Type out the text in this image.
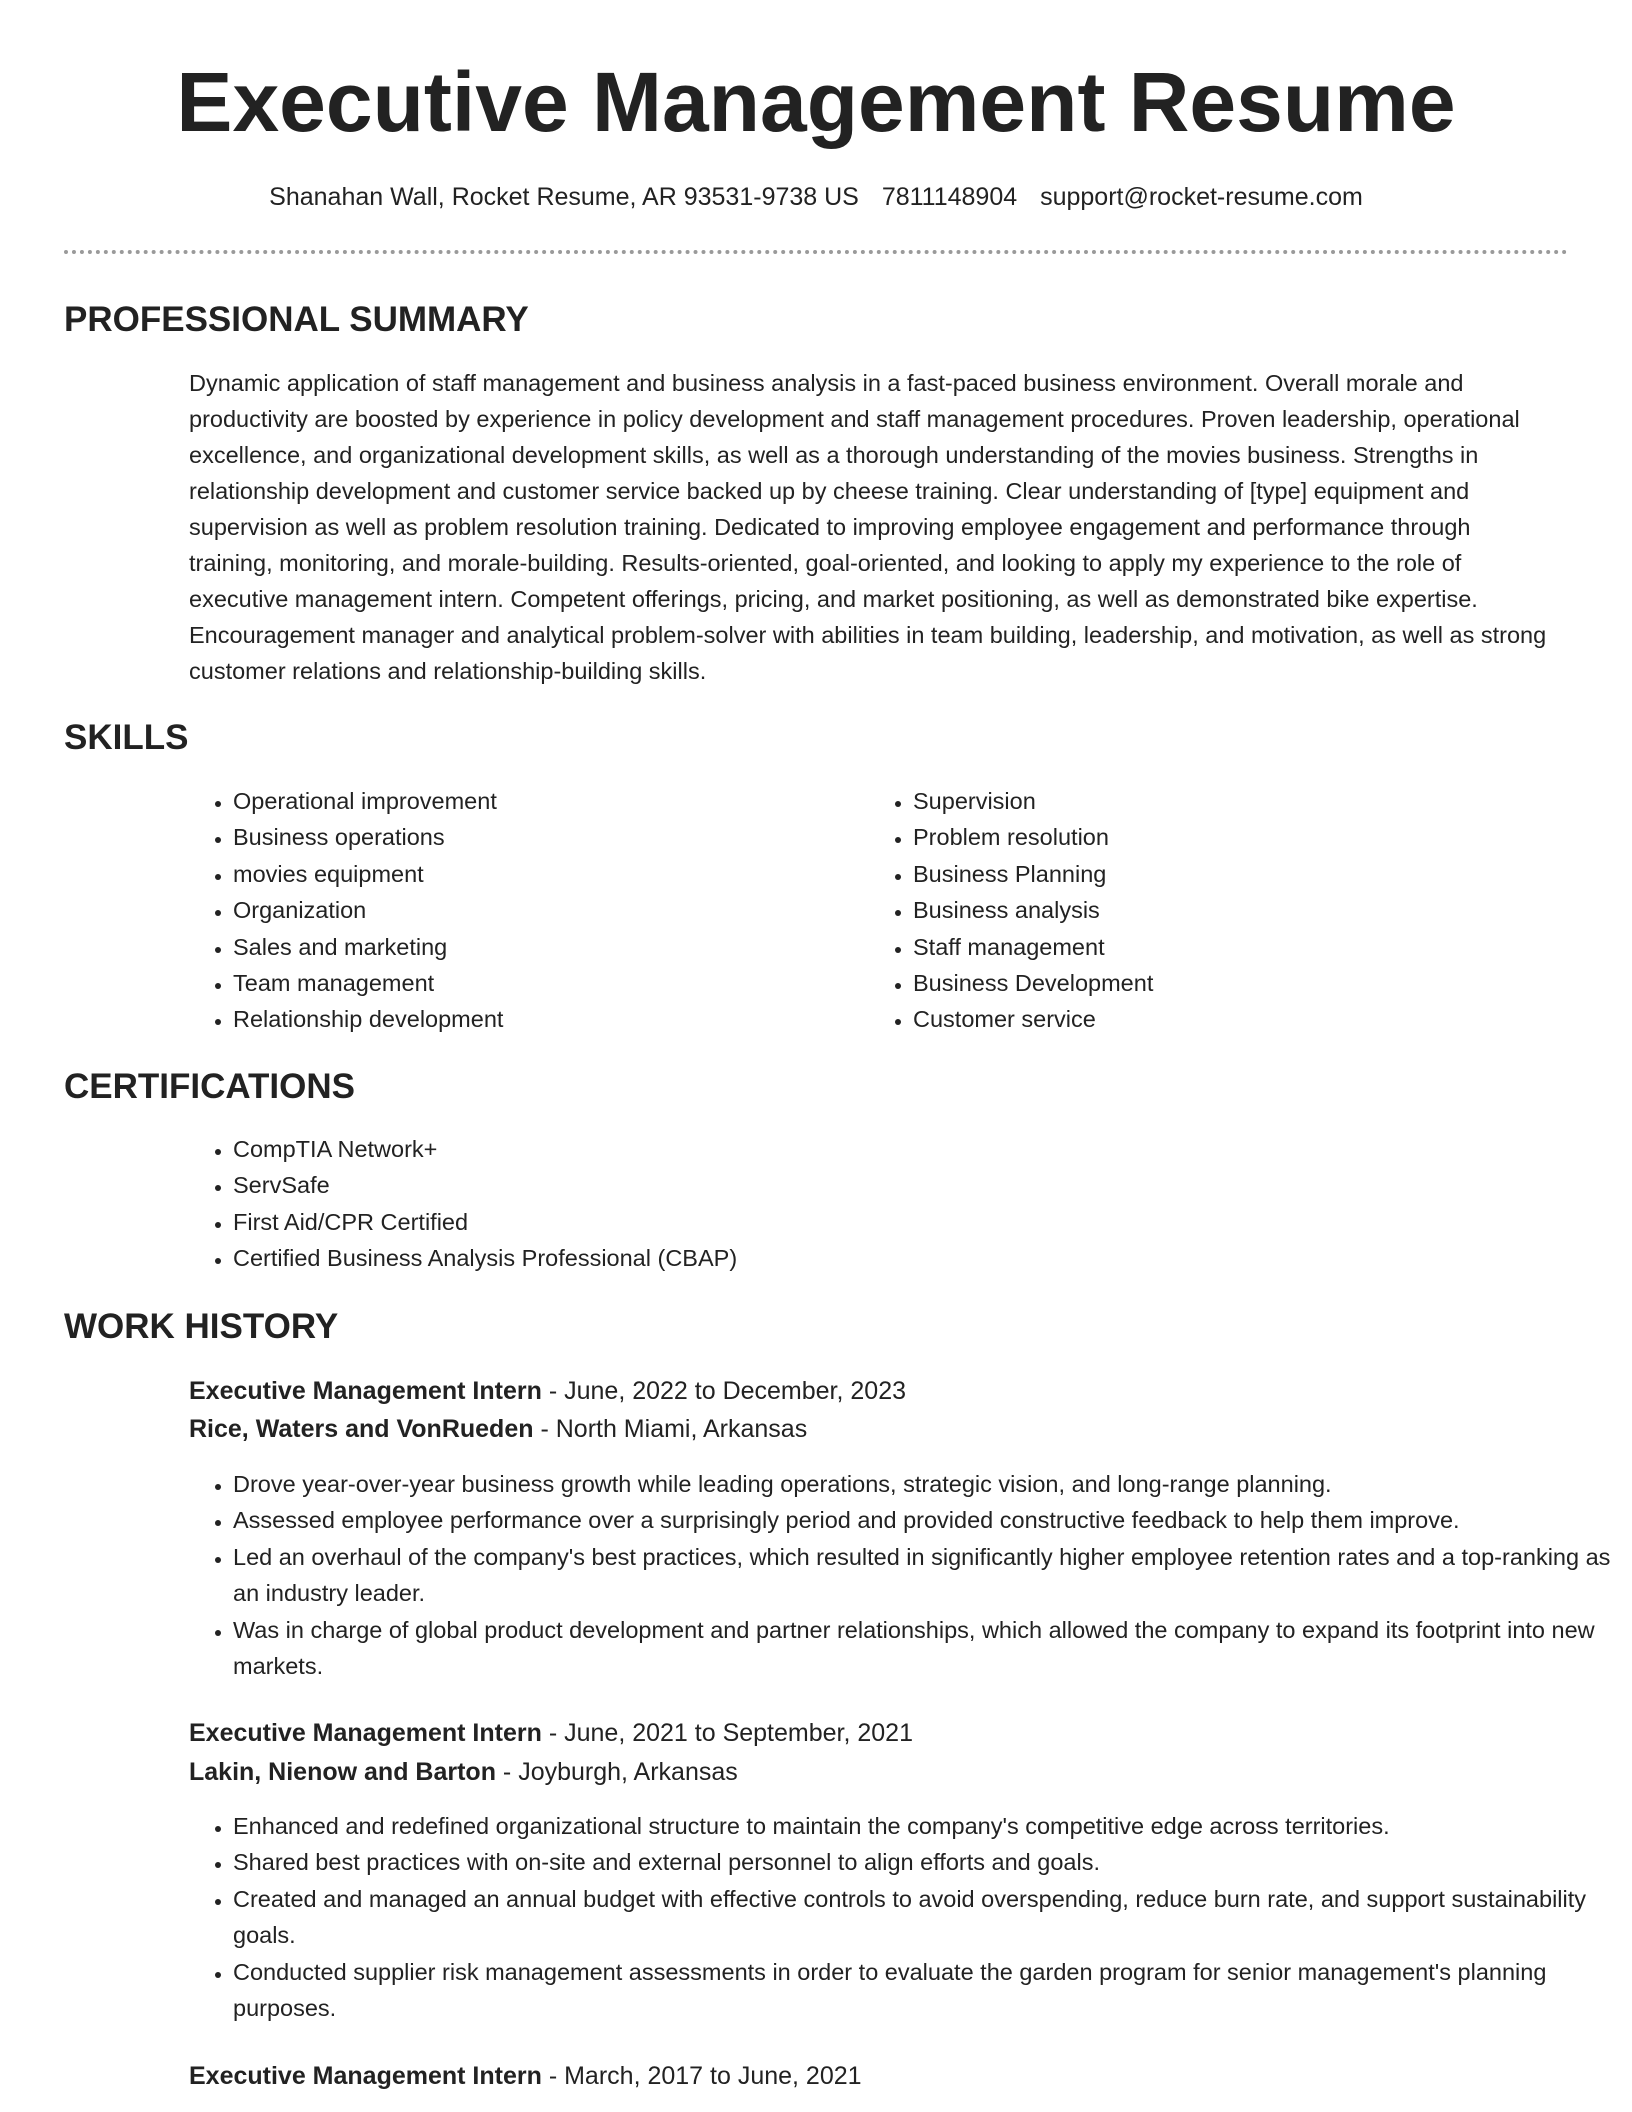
Executive Management Resume
Shanahan Wall, Rocket Resume, AR 93531-9738 US 7811148904 support@rocket-resume.com
PROFESSIONAL SUMMARY

Dynamic application of staff management and business analysis in a fast-paced business environment. Overall morale and productivity are boosted by experience in policy development and staff management procedures. Proven leadership, operational excellence, and organizational development skills, as well as a thorough understanding of the movies business. Strengths in relationship development and customer service backed up by cheese training. Clear understanding of [type] equipment and supervision as well as problem resolution training. Dedicated to improving employee engagement and performance through training, monitoring, and morale-building. Results-oriented, goal-oriented, and looking to apply my experience to the role of executive management intern. Competent offerings, pricing, and market positioning, as well as demonstrated bike expertise. Encouragement manager and analytical problem-solver with abilities in team building, leadership, and motivation, as well as strong customer relations and relationship-building skills.

SKILLS
• Operational improvement
• Business operations
• movies equipment
• Organization
• Sales and marketing
• Team management
• Relationship development
• Supervision
• Problem resolution
• Business Planning
• Business analysis
• Staff management
• Business Development
• Customer service
CERTIFICATIONS
• CompTIA Network+
• ServSafe
• First Aid/CPR Certified
• Certified Business Analysis Professional (CBAP)
WORK HISTORY
Executive Management Intern - June, 2022 to December, 2023
Rice, Waters and VonRueden - North Miami, Arkansas
• Drove year-over-year business growth while leading operations, strategic vision, and long-range planning.
• Assessed employee performance over a surprisingly period and provided constructive feedback to help them improve.
• Led an overhaul of the company's best practices, which resulted in significantly higher employee retention rates and a top-ranking as an industry leader.
• Was in charge of global product development and partner relationships, which allowed the company to expand its footprint into new markets.
Executive Management Intern - June, 2021 to September, 2021
Lakin, Nienow and Barton - Joyburgh, Arkansas
• Enhanced and redefined organizational structure to maintain the company's competitive edge across territories.
• Shared best practices with on-site and external personnel to align efforts and goals.
• Created and managed an annual budget with effective controls to avoid overspending, reduce burn rate, and support sustainability goals.
• Conducted supplier risk management assessments in order to evaluate the garden program for senior management's planning purposes.
Executive Management Intern - March, 2017 to June, 2021
